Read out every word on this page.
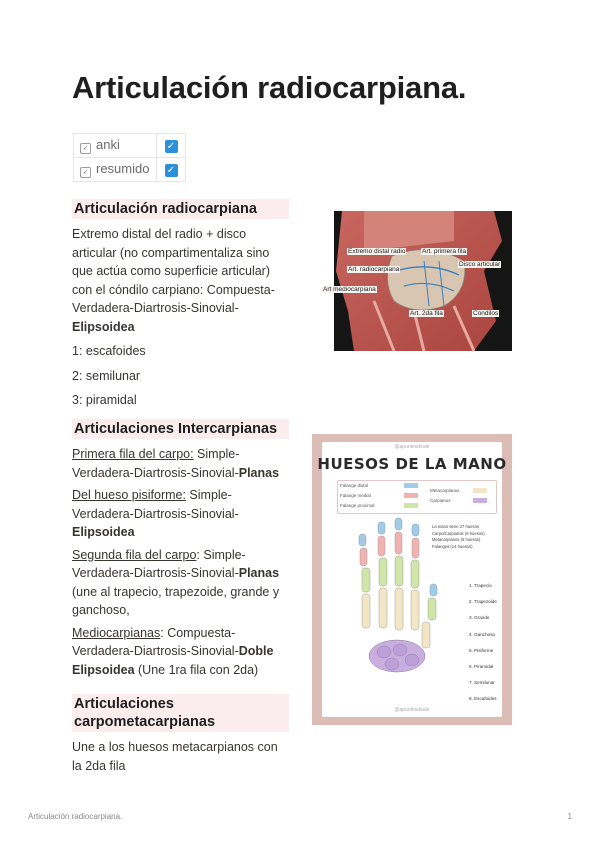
Articulación radiocarpiana.
✓ anki	✓
✓ resumido	✓
Articulación radiocarpiana

Extremo distal del radio + disco articular (no compartimentaliza sino que actúa como superficie articular) con el cóndilo carpiano: Compuesta-Verdadera-Diartrosis-Sinovial-Elipsoidea

1: escafoides

2: semilunar

3: piramidal

Articulaciones Intercarpianas

Primera fila del carpo: Simple-Verdadera-Diartrosis-Sinovial-Planas

Del hueso pisiforme: Simple-Verdadera-Diartrosis-Sinovial-Elipsoidea

Segunda fila del carpo: Simple-Verdadera-Diartrosis-Sinovial-Planas (une al trapecio, trapezoide, grande y ganchoso,

Mediocarpianas: Compuesta-Verdadera-Diartrosis-Sinovial-Doble Elipsoidea (Une 1ra fila con 2da)

Articulaciones carpometacarpianas

Une a los huesos metacarpianos con la 2da fila

Extremo distal radio	Art. primera fila
Disco articular
Art. radiocarpiana
Art mediocarpiana
Art. 2da fila	Condilos
@apuntesdeale
HUESOS DE LA MANO
Falange distal
Falange medial
Falange proximal
Metacarpianos
Carpianos
La mano tiene 27 huesos
Carpo/Carpianos (8 huesos)
Metacarpianos (5 huesos)
Falanges (14 huesos)
1. Trapecio
2. Trapezoide
3. Grande
4. Ganchoso
5. Pisiforme
6. Piramidal
7. Semilunar
8. Escafoides
@apuntesdeale
Articulación radiocarpiana.	1
